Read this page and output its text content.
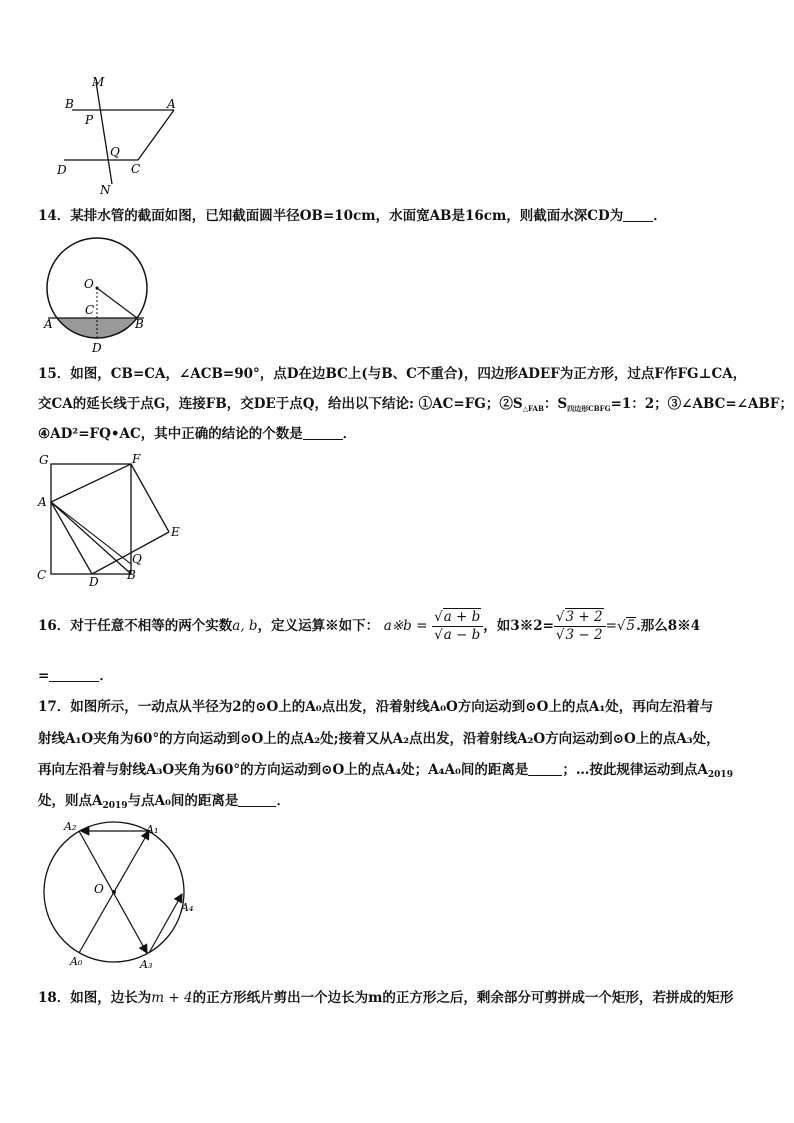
M
B	A
P
Q
C
D
N
14．某排水管的截面如图，已知截面圆半径OB=10cm，水面宽AB是16cm，则截面水深CD为 ．
O
C
A	B
D
15．如图，CB=CA，∠ACB=90°，点D在边BC上(与B、C不重合)，四边形ADEF为正方形，过点F作FG⊥CA，
交CA的延长线于点G，连接FB，交DE于点Q，给出以下结论: ①AC=FG；$②S_{\triangle FAB}$：$S_{四边形CBFG}=1$：2；③∠ABC=∠ABF；
④AD²=FQ•AC，其中正确的结论的个数是	．
G	F
A
E
Q
C	D B
16．对于任意不相等的两个实数a, b，定义运算※如下： a※b = $\frac{√a + b}{√a - b}$ ，如3※2= $\frac{√3 + 2}{√3 - 2} =√5$.那么8※4
=	．
17．如图所示，一动点从半径为2的⊙O上的A₀点出发，沿着射线A₀O方向运动到⊙O上的点A₁处，再向左沿着与
射线A₁O夹角为60°的方向运动到⊙O上的点A₂处;接着又从A₂点出发，沿着射线A₂O方向运动到⊙O上的点A₃处，
再向左沿着与射线A₃O夹角为60°的方向运动到⊙O上的点A₄处；A₄A₀间的距离是	；…按此规律运动到点$A_{2019}$
处，则点$A_{2019}$与点A₀间的距离是	．
A₂	A₁
O
A₄
A₀	A₃
18．如图，边长为m + 4的正方形纸片剪出一个边长为m的正方形之后，剩余部分可剪拼成一个矩形，若拼成的矩形
